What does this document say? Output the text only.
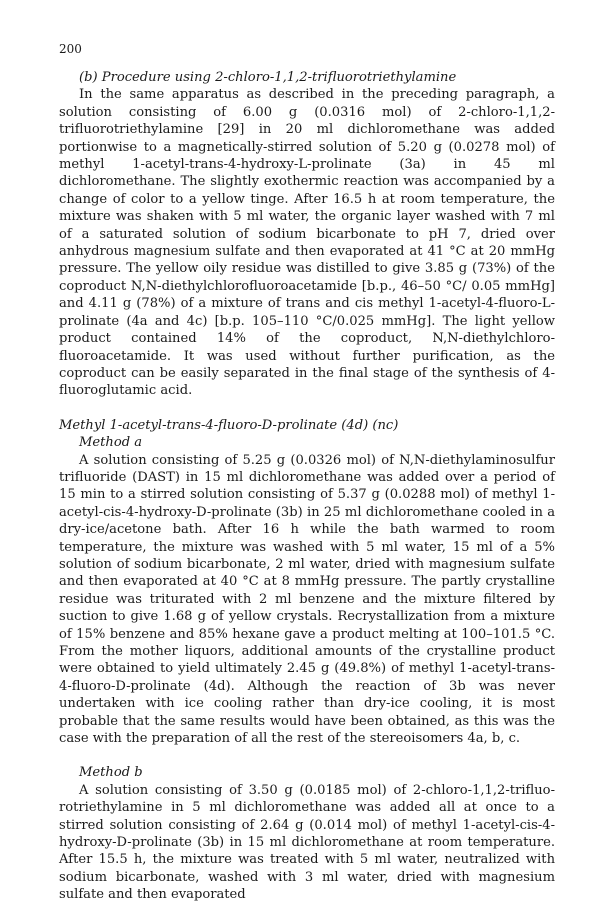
200

(b) Procedure using 2-chloro-1,1,2-trifluorotriethylamine

In the same apparatus as described in the preceding paragraph, a solution consisting of 6.00 g (0.0316 mol) of 2-chloro-1,1,2-trifluorotriethylamine [29] in 20 ml dichloromethane was added portionwise to a magnetically-stirred solution of 5.20 g (0.0278 mol) of methyl 1-acetyl-trans-4-hydroxy-L-prolinate (3a) in 45 ml dichloromethane. The slightly exothermic reaction was accompanied by a change of color to a yellow tinge. After 16.5 h at room temperature, the mixture was shaken with 5 ml water, the organic layer washed with 7 ml of a saturated solution of sodium bicarbonate to pH 7, dried over anhydrous magnesium sulfate and then evaporated at 41 °C at 20 mmHg pressure. The yellow oily residue was distilled to give 3.85 g (73%) of the coproduct N,N-diethylchlorofluoroacetamide [b.p., 46–50 °C/ 0.05 mmHg] and 4.11 g (78%) of a mixture of trans and cis methyl 1-acetyl-4-fluoro-L-prolinate (4a and 4c) [b.p. 105–110 °C/0.025 mmHg]. The light yellow product contained 14% of the coproduct, N,N-diethylchloro-fluoroacetamide. It was used without further purification, as the coproduct can be easily separated in the final stage of the synthesis of 4-fluoroglutamic acid.

Methyl 1-acetyl-trans-4-fluoro-D-prolinate (4d) (nc)

Method a

A solution consisting of 5.25 g (0.0326 mol) of N,N-diethylaminosulfur trifluoride (DAST) in 15 ml dichloromethane was added over a period of 15 min to a stirred solution consisting of 5.37 g (0.0288 mol) of methyl 1-acetyl-cis-4-hydroxy-D-prolinate (3b) in 25 ml dichloromethane cooled in a dry-ice/acetone bath. After 16 h while the bath warmed to room temperature, the mixture was washed with 5 ml water, 15 ml of a 5% solution of sodium bicarbonate, 2 ml water, dried with magnesium sulfate and then evaporated at 40 °C at 8 mmHg pressure. The partly crystalline residue was triturated with 2 ml benzene and the mixture filtered by suction to give 1.68 g of yellow crystals. Recrystallization from a mixture of 15% benzene and 85% hexane gave a product melting at 100–101.5 °C. From the mother liquors, additional amounts of the crystalline product were obtained to yield ultimately 2.45 g (49.8%) of methyl 1-acetyl-trans-4-fluoro-D-prolinate (4d). Although the reaction of 3b was never undertaken with ice cooling rather than dry-ice cooling, it is most probable that the same results would have been obtained, as this was the case with the preparation of all the rest of the stereoisomers 4a, b, c.

Method b

A solution consisting of 3.50 g (0.0185 mol) of 2-chloro-1,1,2-trifluo-rotriethylamine in 5 ml dichloromethane was added all at once to a stirred solution consisting of 2.64 g (0.014 mol) of methyl 1-acetyl-cis-4-hydroxy-D-prolinate (3b) in 15 ml dichloromethane at room temperature. After 15.5 h, the mixture was treated with 5 ml water, neutralized with sodium bicarbonate, washed with 3 ml water, dried with magnesium sulfate and then evaporated
